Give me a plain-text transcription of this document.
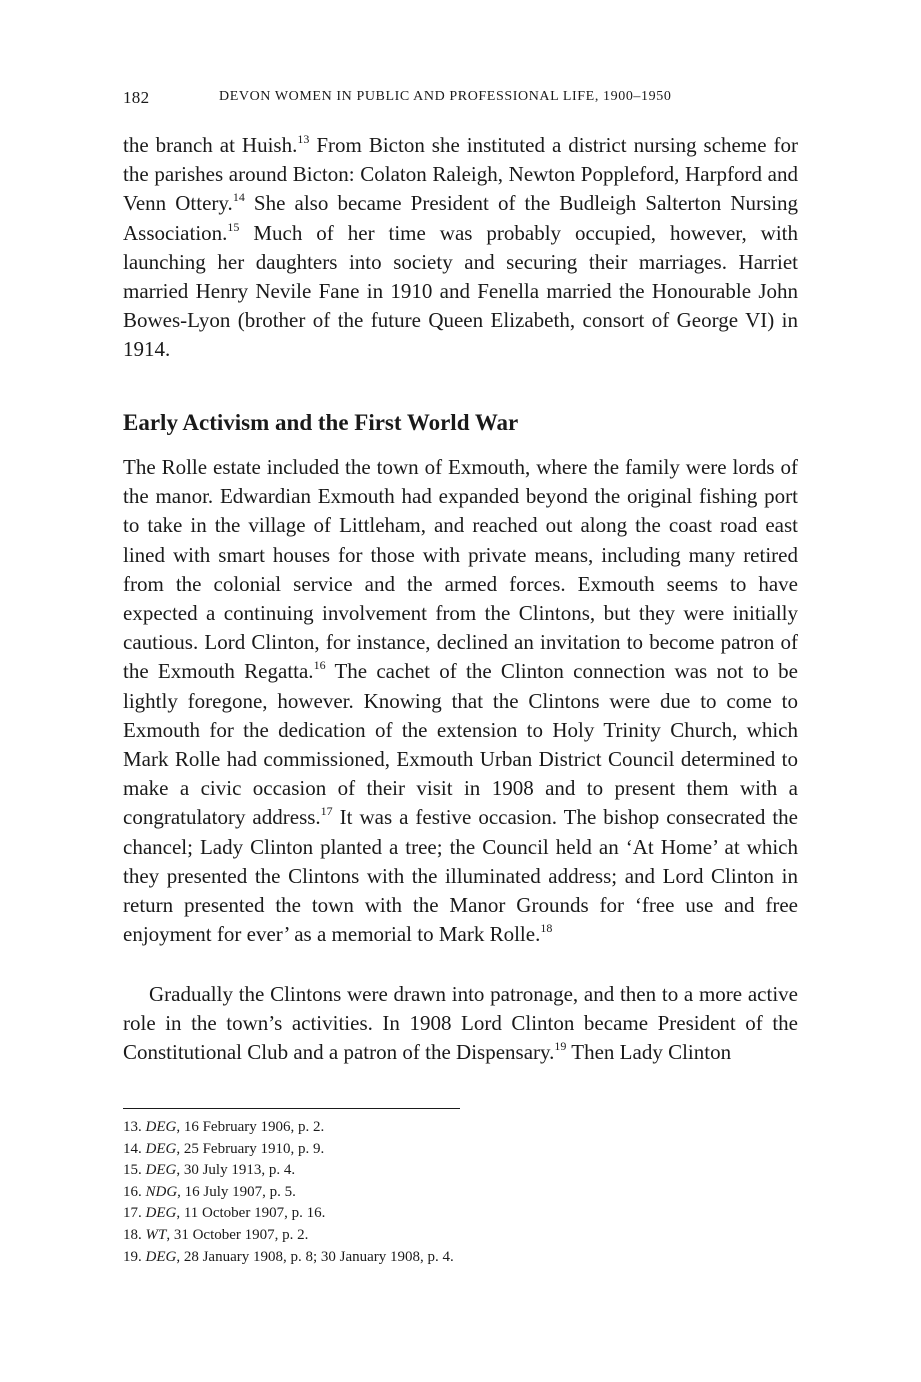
182	DEVON WOMEN IN PUBLIC AND PROFESSIONAL LIFE, 1900–1950

the branch at Huish.$^{13}$ From Bicton she instituted a district nursing scheme for the parishes around Bicton: Colaton Raleigh, Newton Poppleford, Harpford and Venn Ottery.$^{14}$ She also became President of the Budleigh Salterton Nursing Association.$^{15}$ Much of her time was probably occupied, however, with launching her daughters into society and securing their marriages. Harriet married Henry Nevile Fane in 1910 and Fenella married the Honourable John Bowes-Lyon (brother of the future Queen Elizabeth, consort of George VI) in 1914.

Early Activism and the First World War

The Rolle estate included the town of Exmouth, where the family were lords of the manor. Edwardian Exmouth had expanded beyond the original fishing port to take in the village of Littleham, and reached out along the coast road east lined with smart houses for those with private means, including many retired from the colonial service and the armed forces. Exmouth seems to have expected a continuing involvement from the Clintons, but they were initially cautious. Lord Clinton, for instance, declined an invitation to become patron of the Exmouth Regatta.$^{16}$ The cachet of the Clinton connection was not to be lightly foregone, however. Knowing that the Clintons were due to come to Exmouth for the dedication of the extension to Holy Trinity Church, which Mark Rolle had commissioned, Exmouth Urban District Council determined to make a civic occasion of their visit in 1908 and to present them with a congratulatory address.$^{17}$ It was a festive occasion. The bishop consecrated the chancel; Lady Clinton planted a tree; the Council held an ‘At Home’ at which they presented the Clintons with the illuminated address; and Lord Clinton in return presented the town with the Manor Grounds for ‘free use and free enjoyment for ever’ as a memorial to Mark Rolle.$^{18}$

Gradually the Clintons were drawn into patronage, and then to a more active role in the town’s activities. In 1908 Lord Clinton became President of the Constitutional Club and a patron of the Dispensary.$^{19}$ Then Lady Clinton

13. DEG, 16 February 1906, p. 2.
14. DEG, 25 February 1910, p. 9.
15. DEG, 30 July 1913, p. 4.
16. NDG, 16 July 1907, p. 5.
17. DEG, 11 October 1907, p. 16.
18. WT, 31 October 1907, p. 2.
19. DEG, 28 January 1908, p. 8; 30 January 1908, p. 4.
